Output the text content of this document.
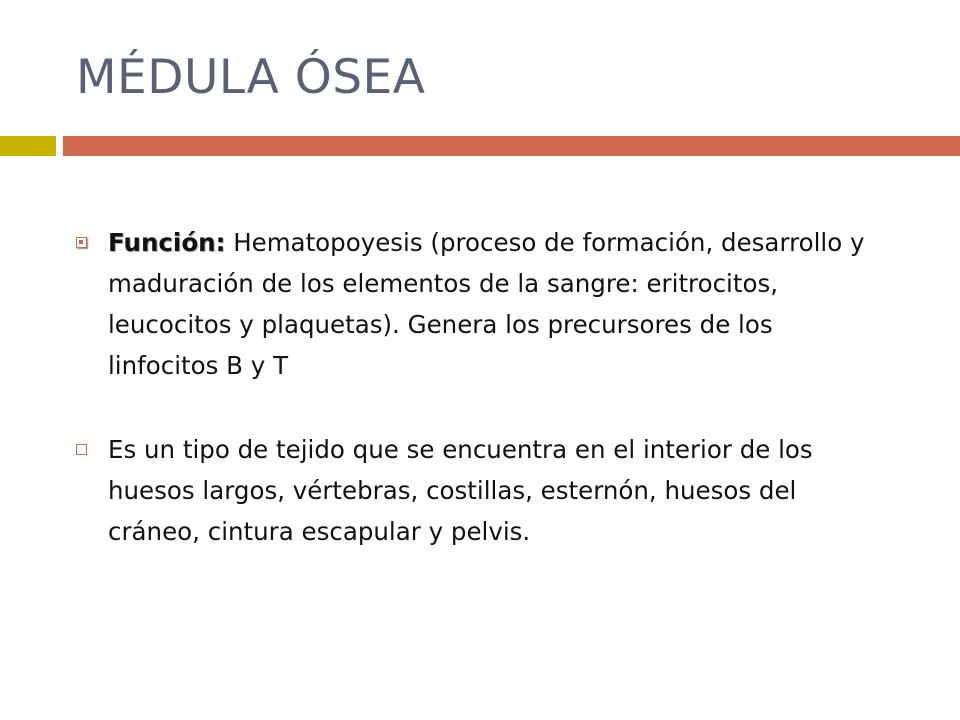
MÉDULA ÓSEA
Función: Hematopoyesis (proceso de formación, desarrollo y maduración de los elementos de la sangre: eritrocitos, leucocitos y plaquetas). Genera los precursores de los linfocitos B y T
Es un tipo de tejido que se encuentra en el interior de los huesos largos, vértebras, costillas, esternón, huesos del cráneo, cintura escapular y pelvis.
